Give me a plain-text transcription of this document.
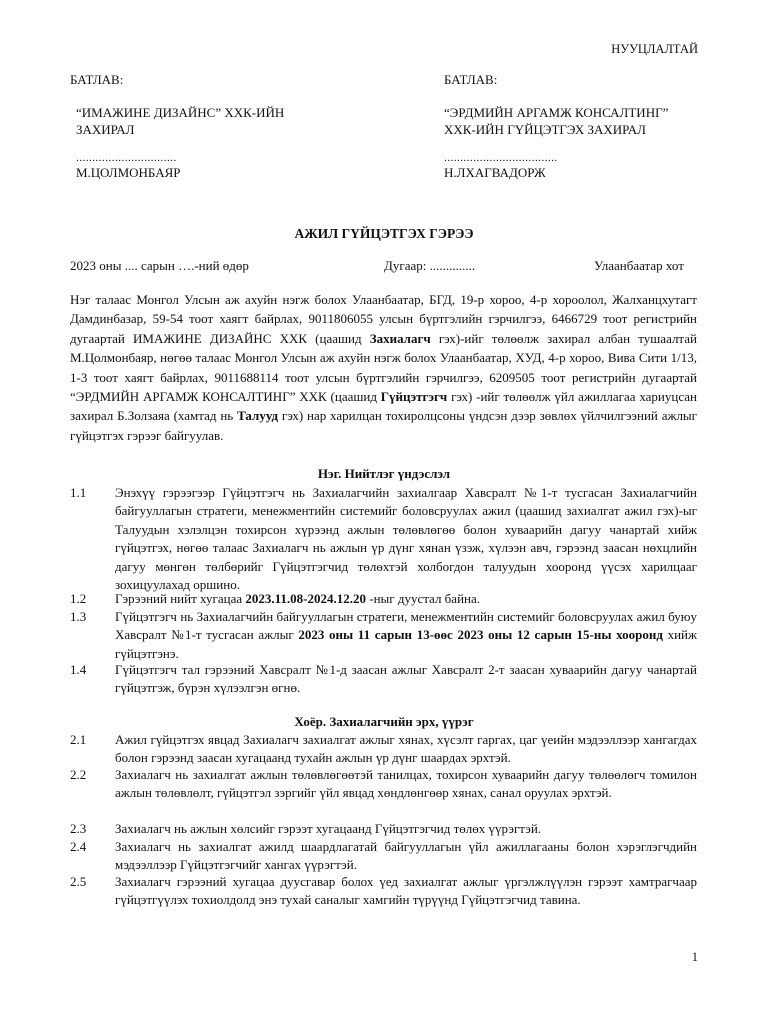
НУУЦЛАЛТАЙ
БАТЛАВ:	БАТЛАВ:
“ИМАЖИНЕ ДИЗАЙНС” ХХК-ИЙН
ЗАХИРАЛ
“ЭРДМИЙН АРГАМЖ КОНСАЛТИНГ”
ХХК-ИЙН ГҮЙЦЭТГЭХ ЗАХИРАЛ
...............................	...................................
М.ЦОЛМОНБАЯР	Н.ЛХАГВАДОРЖ
АЖИЛ ГҮЙЦЭТГЭХ ГЭРЭЭ
2023 оны .... сарын ….-ний өдөр	Дугаар: ..............	Улаанбаатар хот
Нэг талаас Монгол Улсын аж ахуйн нэгж болох Улаанбаатар, БГД, 19-р хороо, 4-р хороолол, Жалханцхутагт Дамдинбазар, 59-54 тоот хаягт байрлах, 9011806055 улсын бүртгэлийн гэрчилгээ, 6466729 тоот регистрийн дугаартай ИМАЖИНЕ ДИЗАЙНС ХХК (цаашид Захиалагч гэх)-ийг төлөөлж захирал албан тушаалтай М.Цолмонбаяр, нөгөө талаас Монгол Улсын аж ахуйн нэгж болох Улаанбаатар, ХУД, 4-р хороо, Вива Сити 1/13, 1-3 тоот хаягт байрлах, 9011688114 тоот улсын бүртгэлийн гэрчилгээ, 6209505 тоот регистрийн дугаартай “ЭРДМИЙН АРГАМЖ КОНСАЛТИНГ” ХХК (цаашид Гүйцэтгэгч гэх) -ийг төлөөлж үйл ажиллагаа хариуцсан захирал Б.Золзаяа (хамтад нь Талууд гэх) нар харилцан тохиролцсоны үндсэн дээр зөвлөх үйлчилгээний ажлыг гүйцэтгэх гэрээг байгуулав.
Нэг. Нийтлэг үндэслэл
1.1	Энэхүү гэрээгээр Гүйцэтгэгч нь Захиалагчийн захиалгаар Хавсралт №1-т тусгасан Захиалагчийн байгууллагын стратеги, менежментийн системийг боловсруулах ажил (цаашид захиалгат ажил гэх)-ыг Талуудын хэлэлцэн тохирсон хүрээнд ажлын төлөвлөгөө болон хуваарийн дагуу чанартай хийж гүйцэтгэх, нөгөө талаас Захиалагч нь ажлын үр дүнг хянан үзэж, хүлээн авч, гэрээнд заасан нөхцлийн дагуу мөнгөн төлбөрийг Гүйцэтгэгчид төлөхтэй холбогдон талуудын хооронд үүсэх харилцааг зохицуулахад оршино.
1.2	Гэрээний нийт хугацаа 2023.11.08-2024.12.20 -ныг дуустал байна.
1.3	Гүйцэтгэгч нь Захиалагчийн байгууллагын стратеги, менежментийн системийг боловсруулах ажил буюу Хавсралт №1-т тусгасан ажлыг 2023 оны 11 сарын 13-өөс 2023 оны 12 сарын 15-ны хооронд хийж гүйцэтгэнэ.
1.4	Гүйцэтгэгч тал гэрээний Хавсралт №1-д заасан ажлыг Хавсралт 2-т заасан хуваарийн дагуу чанартай гүйцэтгэж, бүрэн хүлээлгэн өгнө.
Хоёр. Захиалагчийн эрх, үүрэг
2.1	Ажил гүйцэтгэх явцад Захиалагч захиалгат ажлыг хянах, хүсэлт гаргах, цаг үеийн мэдээллээр хангагдах болон гэрээнд заасан хугацаанд тухайн ажлын үр дүнг шаардах эрхтэй.
2.2	Захиалагч нь захиалгат ажлын төлөвлөгөөтэй танилцах, тохирсон хуваарийн дагуу төлөөлөгч томилон ажлын төлөвлөлт, гүйцэтгэл зэргийг үйл явцад хөндлөнгөөр хянах, санал оруулах эрхтэй.
2.3	Захиалагч нь ажлын хөлсийг гэрээт хугацаанд Гүйцэтгэгчид төлөх үүрэгтэй.
2.4	Захиалагч нь захиалгат ажилд шаардлагатай байгууллагын үйл ажиллагааны болон хэрэглэгчдийн мэдээллээр Гүйцэтгэгчийг хангах үүрэгтэй.
2.5	Захиалагч гэрээний хугацаа дуусгавар болох үед захиалгат ажлыг үргэлжлүүлэн гэрээт хамтрагчаар гүйцэтгүүлэх тохиолдолд энэ тухай саналыг хамгийн түрүүнд Гүйцэтгэгчид тавина.
1
